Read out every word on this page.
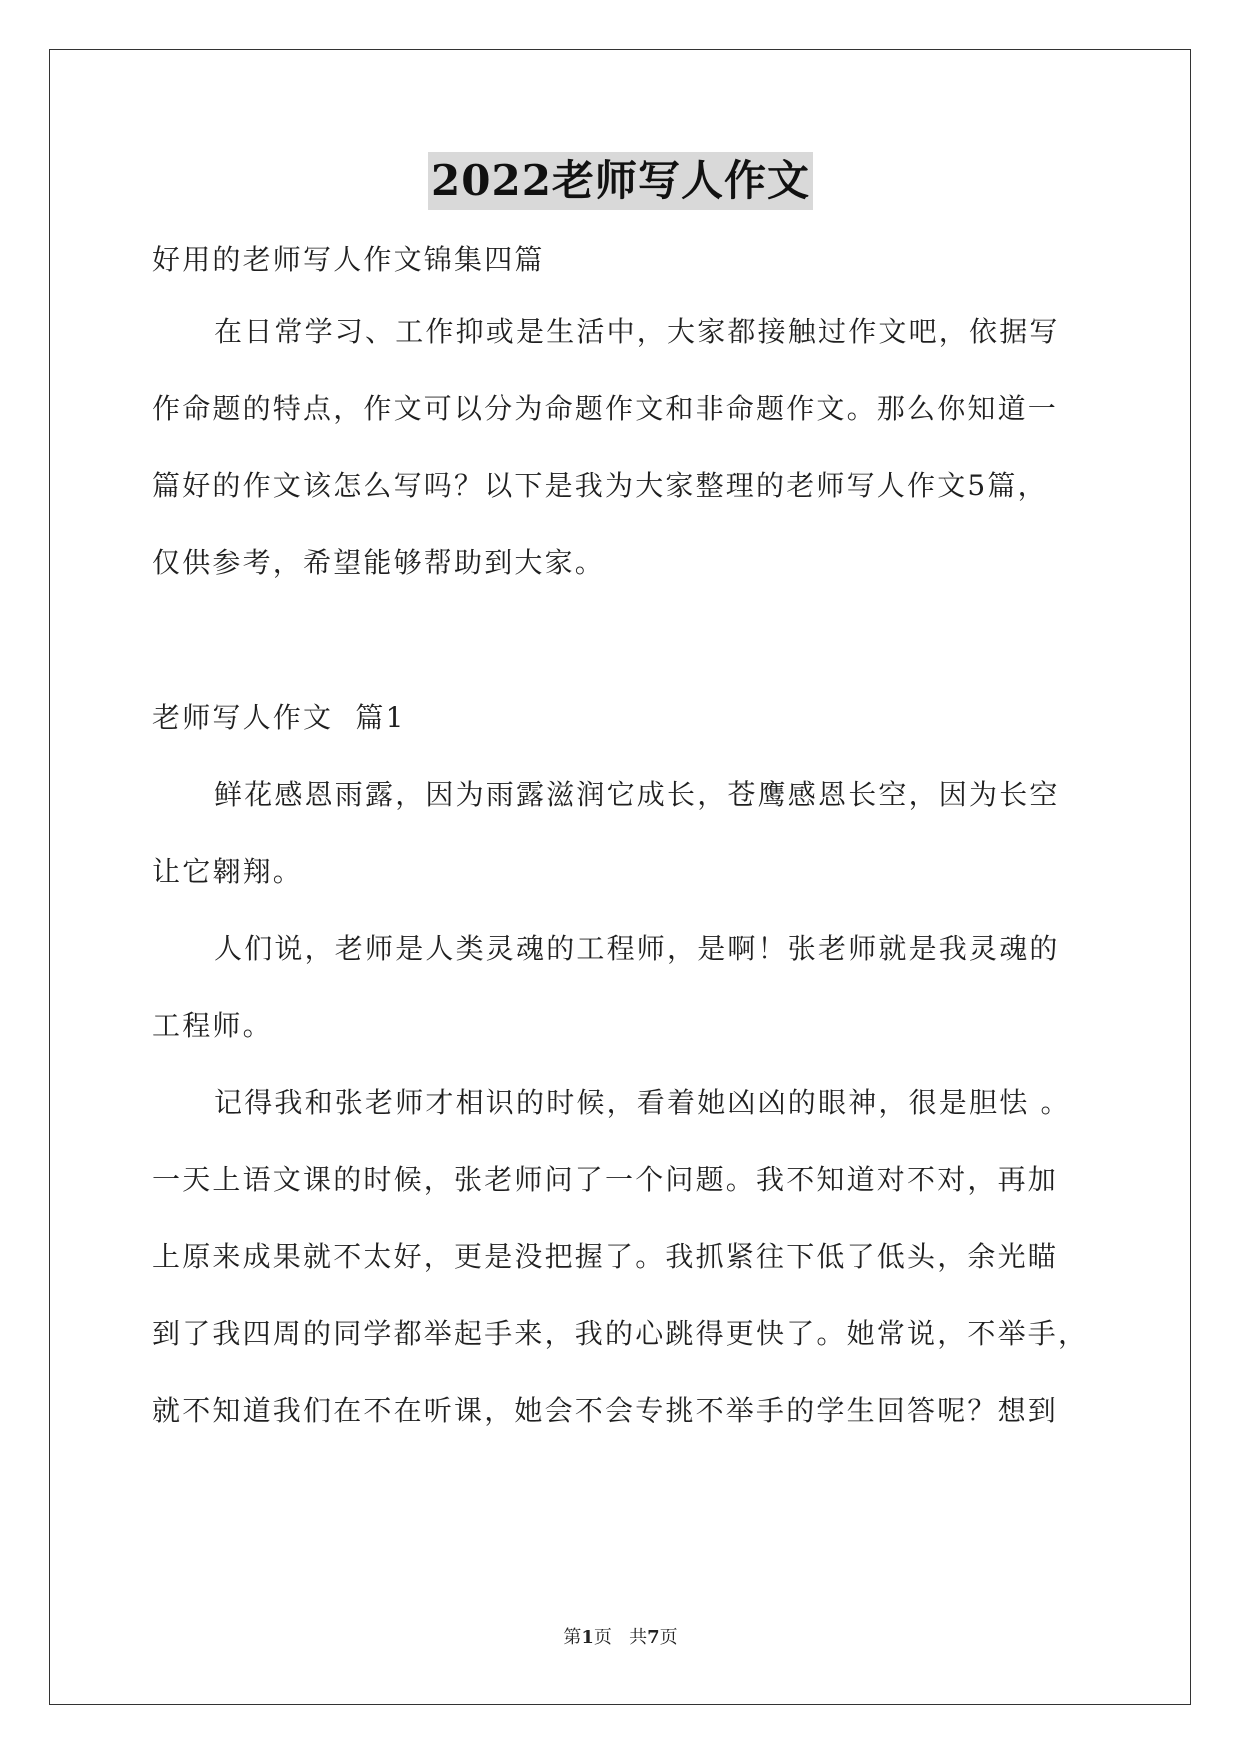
2022老师写人作文
好用的老师写人作文锦集四篇
在日常学习、工作抑或是生活中，大家都接触过作文吧，依据写
作命题的特点，作文可以分为命题作文和非命题作文。那么你知道一
篇好的作文该怎么写吗？以下是我为大家整理的老师写人作文5篇，
仅供参考，希望能够帮助到大家。
老师写人作文  篇1
鲜花感恩雨露，因为雨露滋润它成长，苍鹰感恩长空，因为长空
让它翱翔。
人们说，老师是人类灵魂的工程师，是啊！张老师就是我灵魂的
工程师。
记得我和张老师才相识的时候，看着她凶凶的眼神，很是胆怯 。
一天上语文课的时候，张老师问了一个问题。我不知道对不对，再加
上原来成果就不太好，更是没把握了。我抓紧往下低了低头，余光瞄
到了我四周的同学都举起手来，我的心跳得更快了。她常说，不举手，
就不知道我们在不在听课，她会不会专挑不举手的学生回答呢？想到
第1页   共7页
